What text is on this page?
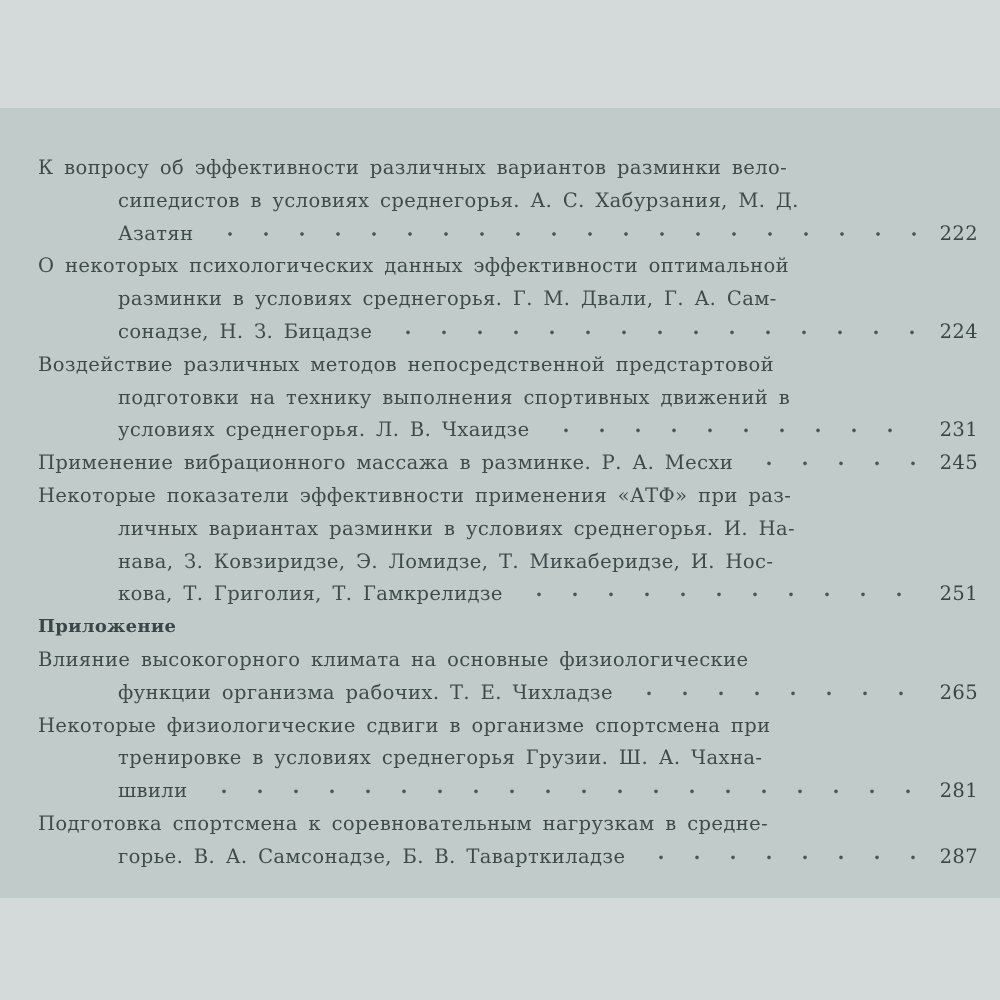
К вопросу об эффективности различных вариантов разминки вело-
сипедистов в условиях среднегорья. А. С. Хабурзания, М. Д.
Азатян	222
О некоторых психологических данных эффективности оптимальной
разминки в условиях среднегорья. Г. М. Двали, Г. А. Сам-
сонадзе, Н. З. Бицадзе	224
Воздействие различных методов непосредственной предстартовой
подготовки на технику выполнения спортивных движений в
условиях среднегорья. Л. В. Чхаидзе	231
Применение вибрационного массажа в разминке. Р. А. Месхи	245
Некоторые показатели эффективности применения «АТФ» при раз-
личных вариантах разминки в условиях среднегорья. И. На-
нава, З. Ковзиридзе, Э. Ломидзе, Т. Микаберидзе, И. Нос-
кова, Т. Григолия, Т. Гамкрелидзе	251
Приложение
Влияние высокогорного климата на основные физиологические
функции организма рабочих. Т. Е. Чихладзе	265
Некоторые физиологические сдвиги в организме спортсмена при
тренировке в условиях среднегорья Грузии. Ш. А. Чахна-
швили	281
Подготовка спортсмена к соревновательным нагрузкам в средне-
горье. В. А. Самсонадзе, Б. В. Таварткиладзе	287
